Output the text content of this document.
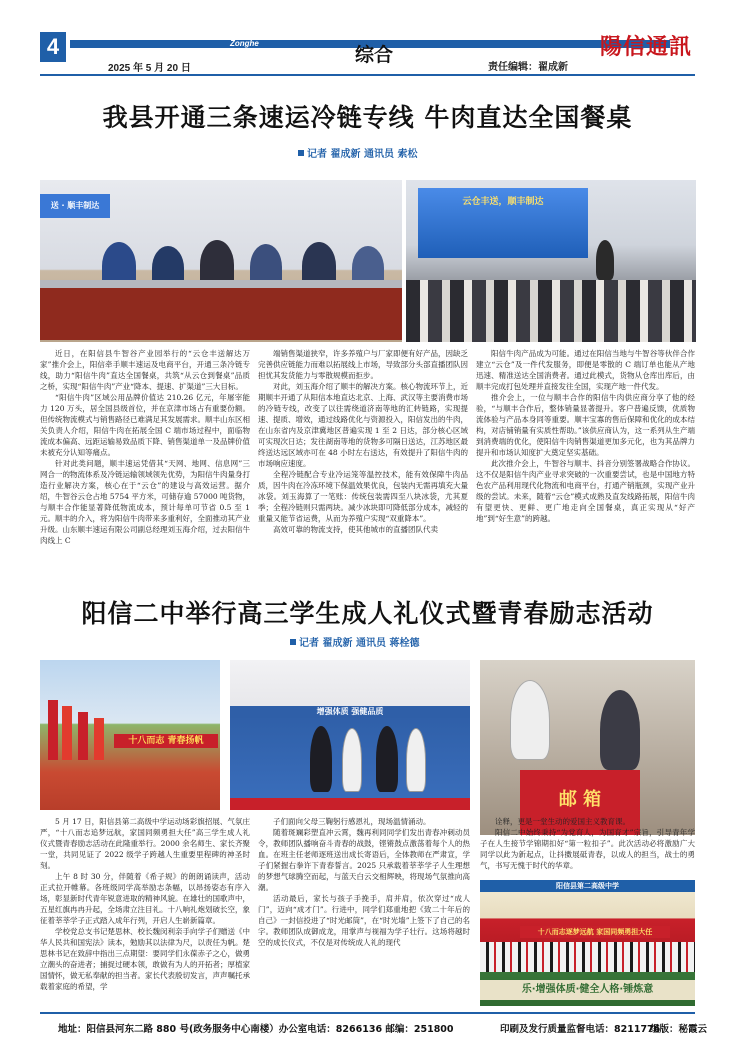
4	Zonghe
2025 年 5 月 20 日
综合
责任编辑：翟成新
陽信通訊
我县开通三条速运冷链专线 牛肉直达全国餐桌
记者 翟成新 通讯员 索松
送 · 顺丰制达	云仓丰送，顺丰制达

近日，在阳信县牛智谷产业园举行的“云仓丰送解达万家”推介会上，阳信牵手顺丰速运及电商平台，开通三条冷链专线，助力“阳信牛肉”直达全国餐桌，共筑“从云仓到餐桌”品质之桥，实现“阳信牛肉”产业“降本、提速、扩渠道”三大目标。

“阳信牛肉”区域公用品牌价值达 210.26 亿元，年屠宰能力 120 万头，居全国县级首位，并在京津市场占有重要份额。但传统物流模式与销售路径已难满足其发展需求。顺丰山东区相关负责人介绍，阳信牛肉在拓展全国 C 端市场过程中，面临物流成本偏高、远距运输易致品质下降、销售渠道单一及品牌价值未被充分认知等痛点。

针对此类问题，顺丰速运凭借其“天网、地网、信息网”三网合一的物流体系及冷链运输领域领先优势，为阳信牛肉量身打造行业解决方案，核心在于“云仓”的建设与高效运营。据介绍，牛智谷云仓占地 5754 平方米，可储存逾 57000 吨货物，与顺丰合作能显著降低物流成本，预计每单可节省 0.5 至 1 元。顺丰的介入，将为阳信牛肉带来多重利好，全面推动其产业升级。山东顺丰速运有限公司副总经理刘玉海介绍，过去阳信牛肉线上 C

端销售渠道狭窄，许多养殖户与厂家即便有好产品，因缺乏完善供应链能力而难以拓展线上市场，导致部分头部直播团队因担忧其发货能力与零散规模而拒步。

对此，刘玉海介绍了顺丰的解决方案。核心物流环节上，近期顺丰开通了从阳信本地直达北京、上海、武汉等主要消费市场的冷链专线，改变了以往需绕道济南等地的汇转链路，实现提速、提质、增效，通过线路优化与资源投入，阳信发出的牛肉，在山东省内及京津冀地区普遍实现 1 至 2 日达，部分核心区域可实现次日达；发往湖南等地的货物多可隔日送达，江苏地区最终送达远区域亦可在 48 小时左右送达，有效提升了阳信牛肉的市场响应速度。

全程冷链配合专业冷运笼等温控技术，能有效保障牛肉品质，因牛肉在冷冻环境下保温效果优良，包装内无需再填充大量冰袋。刘玉海算了一笔账：传统包装需四至八块冰袋，尤其夏季；全程冷链则只需两块。减少冰块即可降低部分成本，减轻的重量又能节省运费，从而为养殖户实现“双重降本”。

高效可靠的物流支持，使其他城市的直播团队代卖

阳信牛肉产品成为可能。通过在阳信当地与牛智谷等伙伴合作建立“云仓”及一件代发服务，即便是零散的 C 端订单也能从产地迅速、精准送达全国消费者。通过此模式，货物从仓库出库后，由顺丰完成打包处理并直接发往全国，实现产地一件代发。

推介会上，一位与顺丰合作的阳信牛肉供应商分享了他的经验，“与顺丰合作后，整体销量显著提升。客户普遍反馈，优质物流体验与产品本身同等重要。顺丰宝寡的售后保障和优化的成本结构，对店铺销量有实质性帮助。”该供应商认为，这一系列从生产端到消费端的优化，使阳信牛肉销售渠道更加多元化，也为其品牌力提升和市场认知度扩大奠定坚实基础。

此次推介会上，牛智谷与顺丰、抖音分别签署战略合作协议。这不仅是阳信牛肉产业寻求突破的一次重要尝试，也是中国地方特色农产品利用现代化物流和电商平台，打通产销瓶颈，实现产业升级的尝试。未来，随着“云仓”模式成熟及直发线路拓展，阳信牛肉有望更快、更鲜、更广地走向全国餐桌，真正实现从“好产地”到“好生意”的跨越。

阳信二中举行高三学生成人礼仪式暨青春励志活动
记者 翟成新 通讯员 蒋栓德
十八而志 青春扬帆
增强体质 强健品质
邮 箱
阳信县第二高级中学
十八而志逐梦远航 家国同频勇担大任
乐·增强体质·健全人格·锤炼意

5 月 17 日，阳信县第二高级中学运动场彩旗招展、气氛庄严，“十八而志追梦远航，家国同频勇担大任”高三学生成人礼仪式暨青春励志活动在此隆重举行。2000 余名师生、家长齐聚一堂，共同见证了 2022 级学子跨越人生重要里程碑的神圣时刻。

上午 8 时 30 分，伴随着《希子规》的朗朗诵读声，活动正式拉开帷幕。各班级同学高举励志条幅，以昂扬姿态有序入场，彰显新时代青年锐意进取的精神风貌。在雄壮的国歌声中，五星红旗冉冉升起，全场肃立注目礼。十八响礼炮划破长空，象征着莘莘学子正式踏入成年行列，开启人生崭新篇章。

学校党总支书记楚思林、校长魏闵利亲手向学子们赠送《中华人民共和国宪法》读本，勉励其以法律为尺，以责任为帆。楚思林书记在致辞中指出三点期望：要同学们永葆赤子之心，做勇立潮头的奋进者；捕捉过硬本领，敢做有为人的开拓者；厚植家国情怀，做无私奉献的担当者。家长代表殷切发言，声声嘱托承载着家庭的希望，学

子们面向父母三鞠躬行感恩礼，现场温情涌动。

随着斑斓彩塑直冲云霄，魏再利同同学们发出青春冲刺动员令，教师团队播响奋斗青春的战鼓，铿锵鼓点激荡着每个人的热血。在班主任老师逐班送出成长寄语后，全体教师在严肃宣，学子们紧握右拳许下青春誓言。2025 只承载着莘莘学子人生理想的梦想气球腾空而起，与蓝天白云交相辉映，将现场气氛推向高潮。

活动最后，家长与孩子手挽手，肩并肩，依次穿过“成人门”，迈向“成才门”。行进中，同学们郑重地把《致二十年后的自己》一封信投进了“时光邮筒”，在“时光墙”上签下了自己的名字。教师团队成御成龙，用掌声与视福为学子壮行。这场将越时空的成长仪式，不仅是对传统成人礼的现代

诠释，更是一堂生动的爱国主义教育课。

阳信二中始终秉持“为党育人，为国育才”宗旨，引导青年学子在人生接节学锦期扣好“第一粒扣子”。此次活动必将激励广大同学以此为新起点，让抖擞展砥青春，以成人的担当，战士的勇气，书写无愧于时代的华章。

地址：阳信县河东二路 880 号(政务服务中心南楼）办公室电话：8266136 邮编：251800	印刷及发行质量监督电话：8211776
组版：秘霞云
